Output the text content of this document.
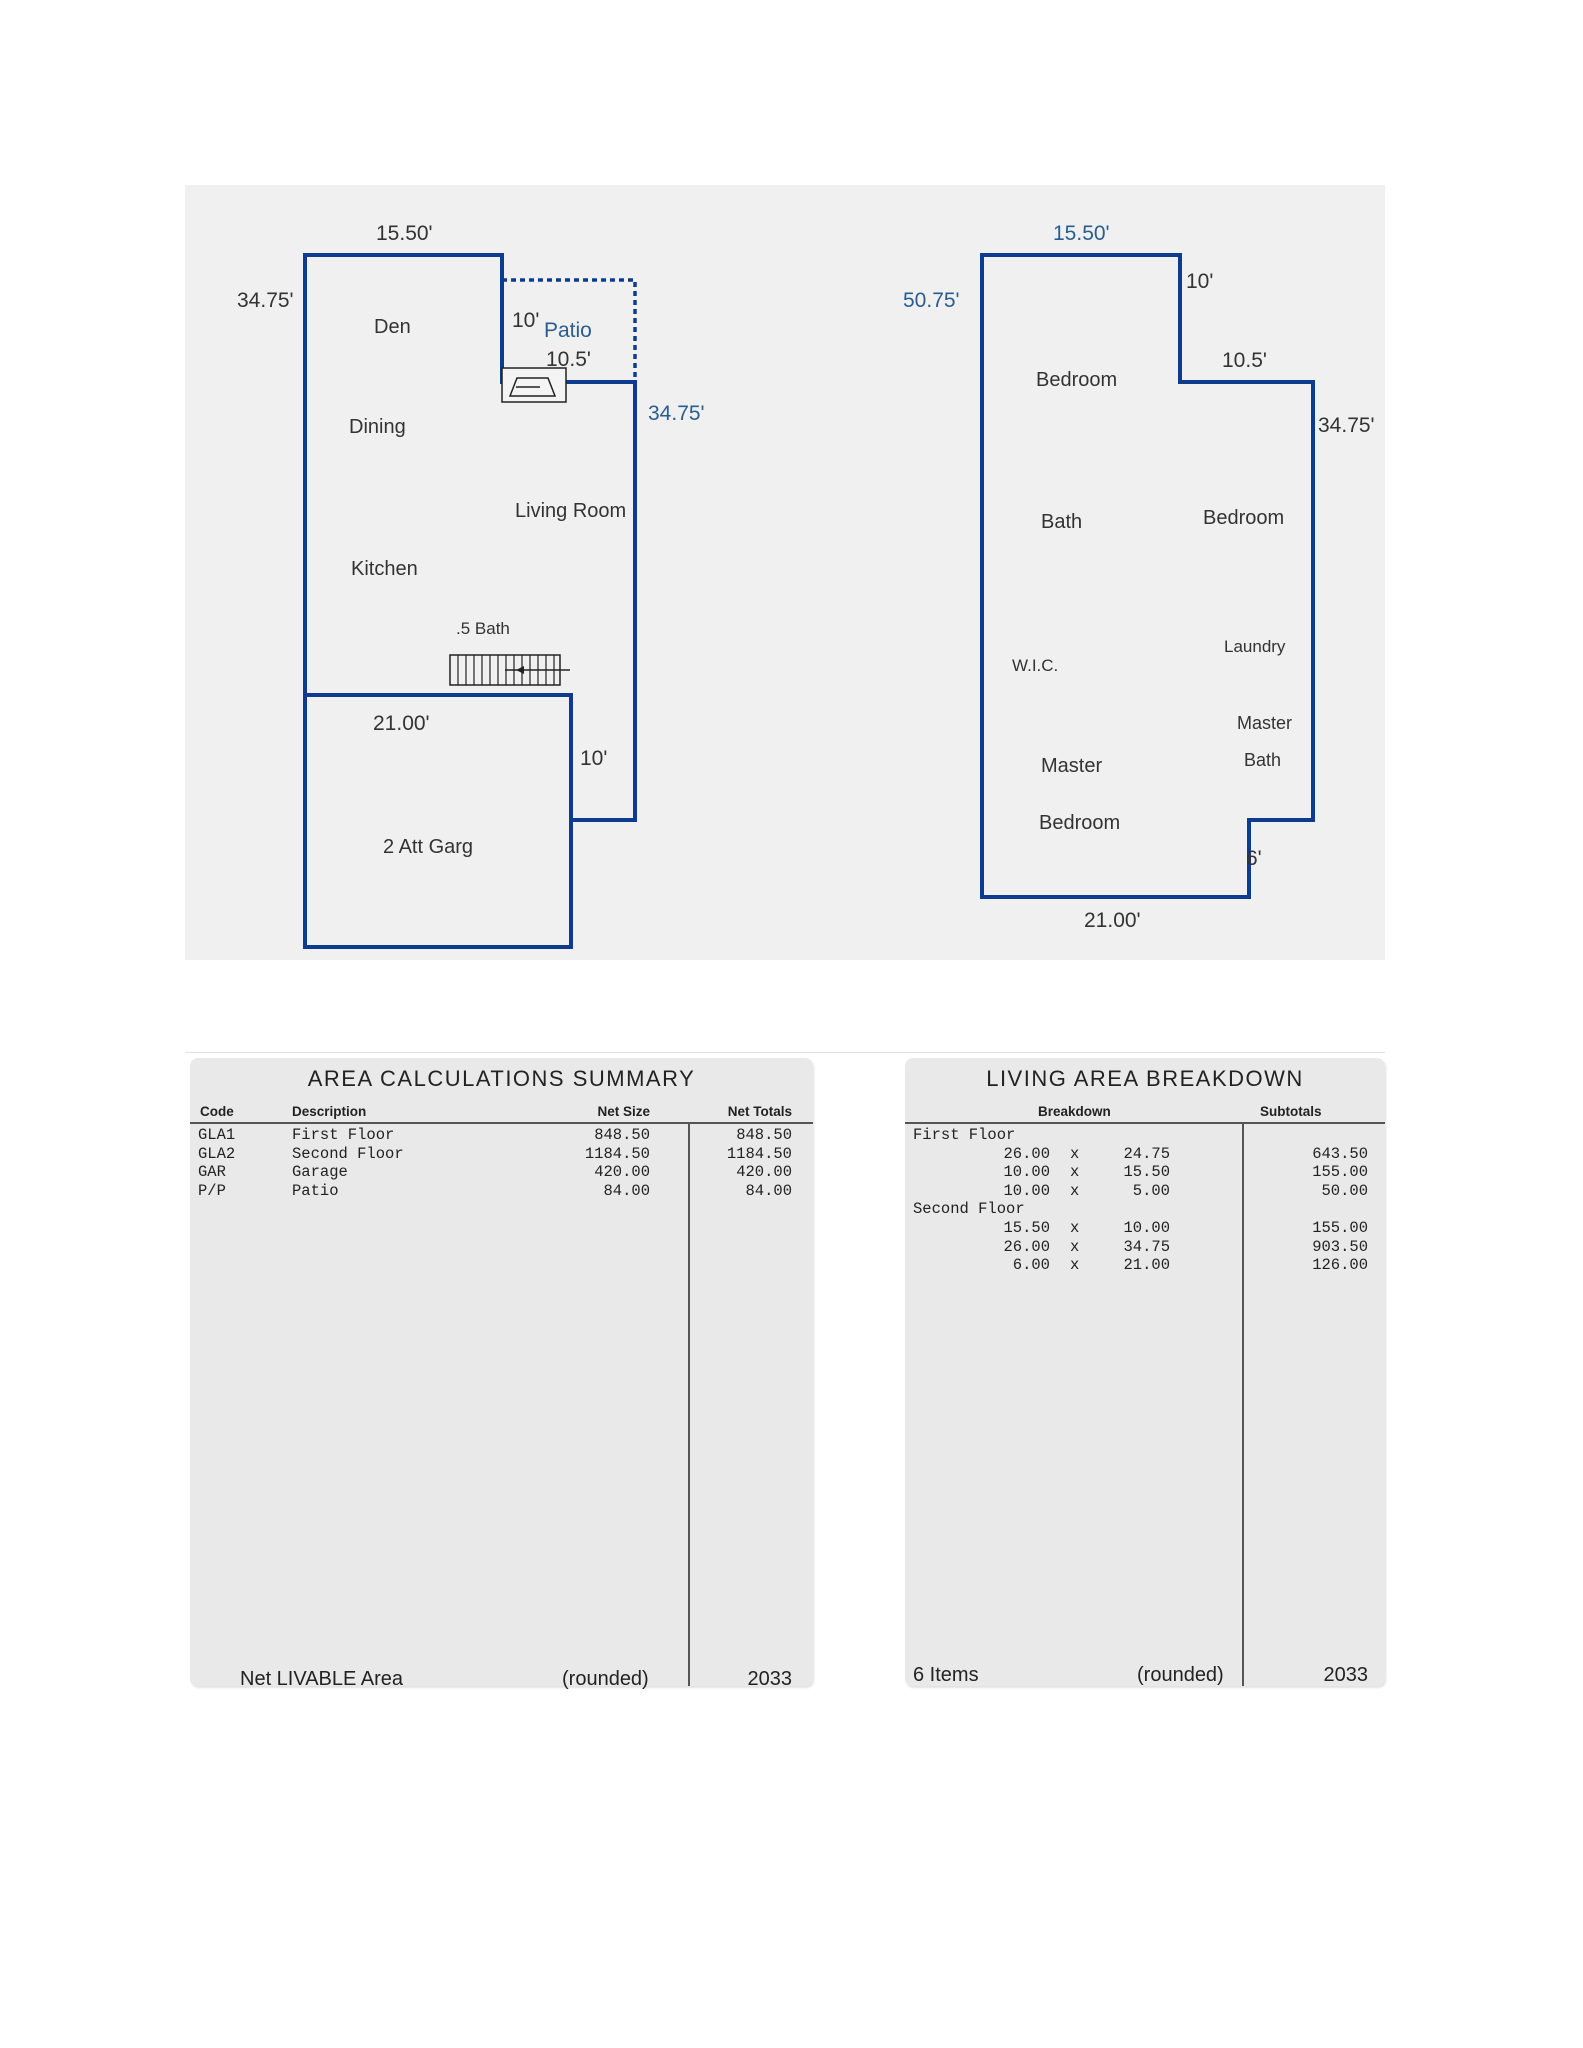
15.50'
34.75'
10' Patio
10.5'
34.75'
21.00'
10'
Den
Dining
Living Room
Kitchen
.5 Bath
2 Att Garg
15.50'
50.75'
10'
10.5'
34.75'
6'
21.00'
Bedroom
Bath	Bedroom
Laundry
W.I.C.
Master
Bath
Master
Bedroom
AREA CALCULATIONS SUMMARY
Code	Description	Net Size	Net Totals
GLA1	First Floor	848.50	848.50
GLA2	Second Floor	1184.50	1184.50
GAR	Garage	420.00	420.00
P/P	Patio	84.00	84.00
Net LIVABLE Area	(rounded)	2033
LIVING AREA BREAKDOWN
Breakdown	Subtotals
First Floor
26.00 x	24.75	643.50
10.00 x	15.50	155.00
10.00 x	5.00	50.00
Second Floor
15.50 x	10.00	155.00
26.00 x	34.75	903.50
6.00 x	21.00	126.00
6 Items	(rounded)	2033
